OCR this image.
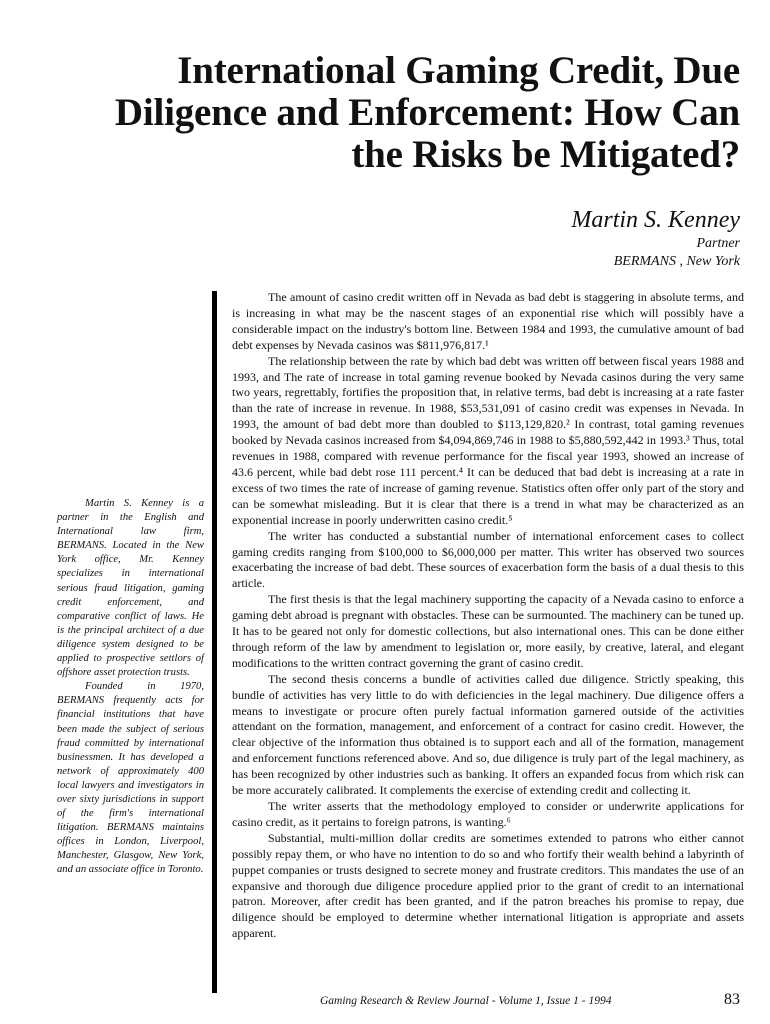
International Gaming Credit, Due
Diligence and Enforcement: How Can
the Risks be Mitigated?
Martin S. Kenney
Partner
BERMANS , New York

Martin S. Kenney is a partner in the English and International law firm, BERMANS. Located in the New York office, Mr. Kenney specializes in international serious fraud litigation, gaming credit enforcement, and comparative conflict of laws. He is the principal architect of a due diligence system designed to be applied to prospective settlors of offshore asset protection trusts.

Founded in 1970, BERMANS frequently acts for financial institutions that have been made the subject of serious fraud committed by international businessmen. It has developed a network of approximately 400 local lawyers and investigators in over sixty jurisdictions in support of the firm's international litigation. BERMANS maintains offices in London, Liverpool, Manchester, Glasgow, New York, and an associate office in Toronto.

The amount of casino credit written off in Nevada as bad debt is staggering in absolute terms, and is increasing in what may be the nascent stages of an exponential rise which will possibly have a considerable impact on the industry's bottom line. Between 1984 and 1993, the cumulative amount of bad debt expenses by Nevada casinos was $811,976,817.¹

The relationship between the rate by which bad debt was written off between fiscal years 1988 and 1993, and The rate of increase in total gaming revenue booked by Nevada casinos during the very same two years, regrettably, fortifies the proposition that, in relative terms, bad debt is increasing at a rate faster than the rate of increase in revenue. In 1988, $53,531,091 of casino credit was expenses in Nevada. In 1993, the amount of bad debt more than doubled to $113,129,820.² In contrast, total gaming revenues booked by Nevada casinos increased from $4,094,869,746 in 1988 to $5,880,592,442 in 1993.³ Thus, total revenues in 1988, compared with revenue performance for the fiscal year 1993, showed an increase of 43.6 percent, while bad debt rose 111 percent.⁴ It can be deduced that bad debt is increasing at a rate in excess of two times the rate of increase of gaming revenue. Statistics often offer only part of the story and can be somewhat misleading. But it is clear that there is a trend in what may be characterized as an exponential increase in poorly underwritten casino credit.⁵

The writer has conducted a substantial number of international enforcement cases to collect gaming credits ranging from $100,000 to $6,000,000 per matter. This writer has observed two sources exacerbating the increase of bad debt. These sources of exacerbation form the basis of a dual thesis to this article.

The first thesis is that the legal machinery supporting the capacity of a Nevada casino to enforce a gaming debt abroad is pregnant with obstacles. These can be surmounted. The machinery can be tuned up. It has to be geared not only for domestic collections, but also international ones. This can be done either through reform of the law by amendment to legislation or, more easily, by creative, lateral, and elegant modifications to the written contract governing the grant of casino credit.

The second thesis concerns a bundle of activities called due diligence. Strictly speaking, this bundle of activities has very little to do with deficiencies in the legal machinery. Due diligence offers a means to investigate or procure often purely factual information garnered outside of the activities attendant on the formation, management, and enforcement of a contract for casino credit. However, the clear objective of the information thus obtained is to support each and all of the formation, management and enforcement functions referenced above. And so, due diligence is truly part of the legal machinery, as has been recognized by other industries such as banking. It offers an expanded focus from which risk can be more accurately calibrated. It complements the exercise of extending credit and collecting it.

The writer asserts that the methodology employed to consider or underwrite applications for casino credit, as it pertains to foreign patrons, is wanting.⁶

Substantial, multi-million dollar credits are sometimes extended to patrons who either cannot possibly repay them, or who have no intention to do so and who fortify their wealth behind a labyrinth of puppet companies or trusts designed to secrete money and frustrate creditors. This mandates the use of an expansive and thorough due diligence procedure applied prior to the grant of credit to an international patron. Moreover, after credit has been granted, and if the patron breaches his promise to repay, due diligence should be employed to determine whether international litigation is appropriate and assets apparent.

Gaming Research & Review Journal - Volume 1, Issue 1 - 1994	83
